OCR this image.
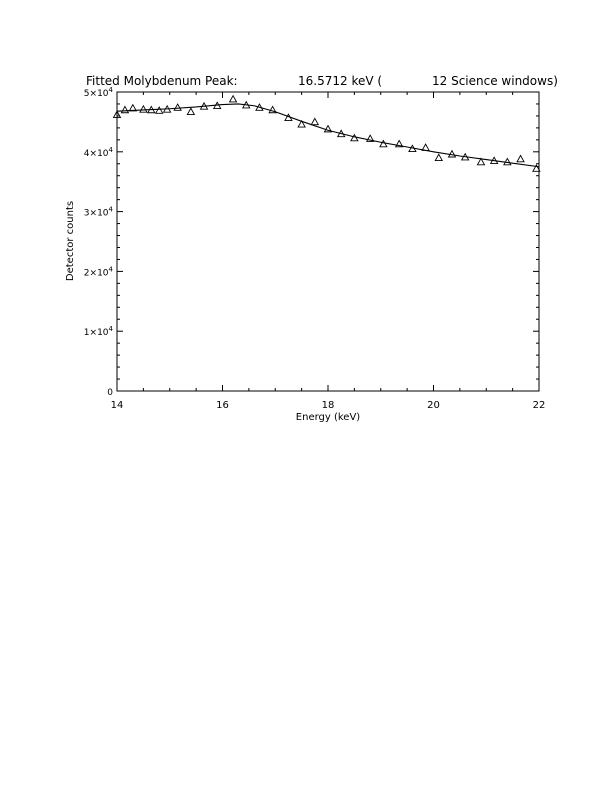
Fitted Molybdenum Peak:	16.5712 keV (	12 Science windows)
14	16	18	20	22
0
$1\times 10^4$
$2\times 10^4$
$3\times 10^4$
$4\times 10^4$
$5\times 10^4$
Energy (keV)
Detector counts
